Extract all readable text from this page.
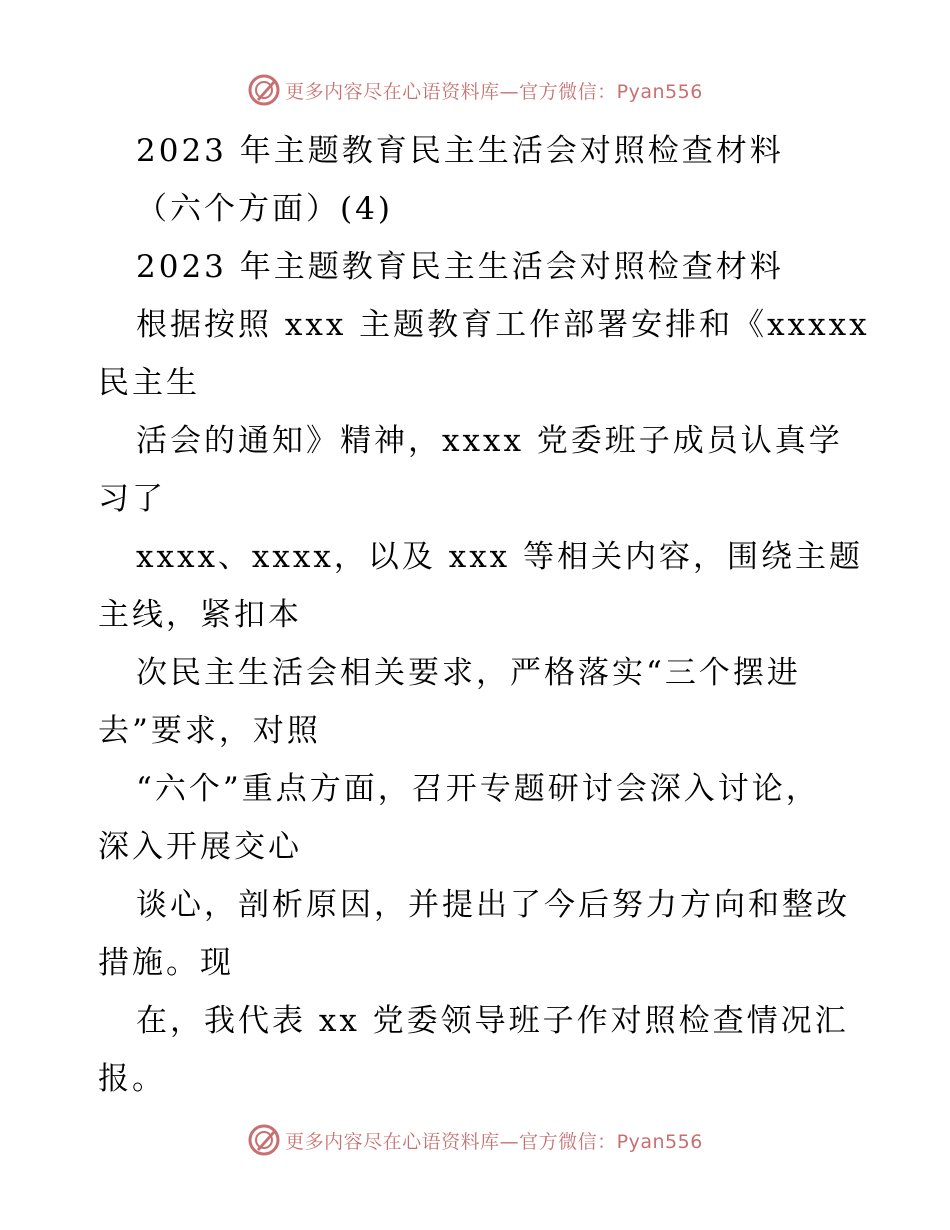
更多内容尽在心语资料库—官方微信：Pyan556
2023 年主题教育民主生活会对照检查材料
（六个方面）(4)
2023 年主题教育民主生活会对照检查材料
根据按照 xxx 主题教育工作部署安排和《xxxxx
民主生
活会的通知》精神，xxxx 党委班子成员认真学
习了
xxxx、xxxx，以及 xxx 等相关内容，围绕主题
主线，紧扣本
次民主生活会相关要求，严格落实“三个摆进
去”要求，对照
“六个”重点方面，召开专题研讨会深入讨论，
深入开展交心
谈心，剖析原因，并提出了今后努力方向和整改
措施。现
在，我代表 xx 党委领导班子作对照检查情况汇
报。
更多内容尽在心语资料库—官方微信：Pyan556
